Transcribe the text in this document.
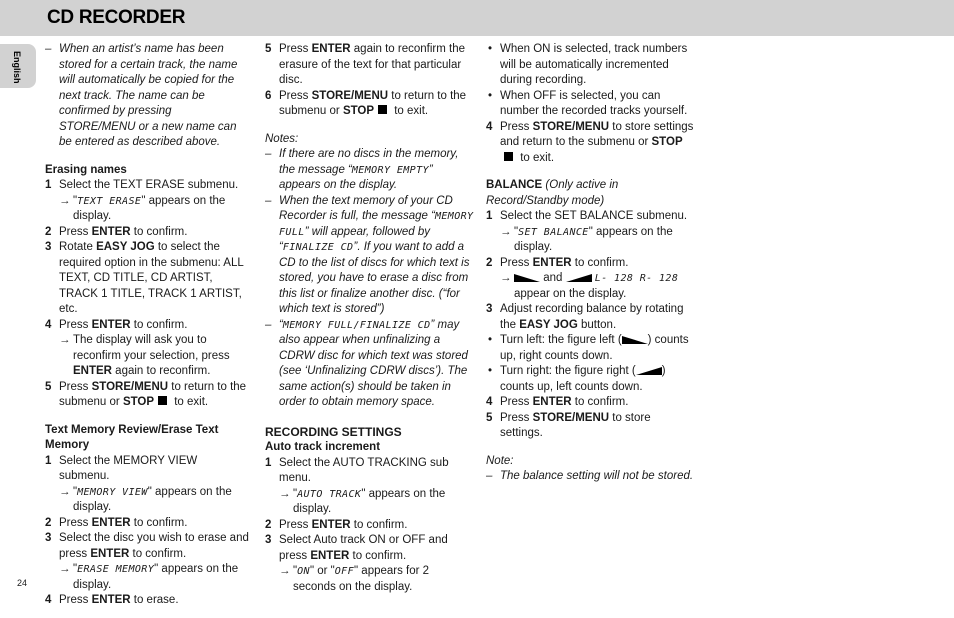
CD RECORDER
English

– When an artist’s name has been stored for a certain track, the name will automatically be copied for the next track. The name can be confirmed by pressing STORE/MENU or a new name can be entered as described above.

Erasing names

1 Select the TEXT ERASE submenu.

→ "TEXT ERASE" appears on the display.

2 Press ENTER to confirm.

3 Rotate EASY JOG to select the required option in the submenu: ALL TEXT, CD TITLE, CD ARTIST, TRACK 1 TITLE, TRACK 1 ARTIST, etc.

4 Press ENTER to confirm.

→ The display will ask you to reconfirm your selection, press ENTER again to reconfirm.

5 Press STORE/MENU to return to the submenu or STOP to exit.

Text Memory Review/Erase Text Memory

1 Select the MEMORY VIEW submenu.

→ "MEMORY VIEW" appears on the display.

2 Press ENTER to confirm.

3 Select the disc you wish to erase and press ENTER to confirm.

→ "ERASE MEMORY" appears on the display.

4 Press ENTER to erase.

5 Press ENTER again to reconfirm the erasure of the text for that particular disc.

6 Press STORE/MENU to return to the submenu or STOP to exit.

Notes:

– If there are no discs in the memory, the message “MEMORY EMPTY” appears on the display.

– When the text memory of your CD Recorder is full, the message “MEMORY FULL” will appear, followed by “FINALIZE CD”. If you want to add a CD to the list of discs for which text is stored, you have to erase a disc from this list or finalize another disc. (“for which text is stored”)

– “MEMORY FULL/FINALIZE CD” may also appear when unfinalizing a CDRW disc for which text was stored (see ‘Unfinalizing CDRW discs’). The same action(s) should be taken in order to obtain memory space.

RECORDING SETTINGS

Auto track increment

1 Select the AUTO TRACKING sub menu.

→ "AUTO TRACK" appears on the display.

2 Press ENTER to confirm.

3 Select Auto track ON or OFF and press ENTER to confirm.

→ "ON" or "OFF" appears for 2 seconds on the display.

• When ON is selected, track numbers will be automatically incremented during recording.

• When OFF is selected, you can number the recorded tracks yourself.

4 Press STORE/MENU to store settings and return to the submenu or STOP to exit.

BALANCE (Only active in Record/Standby mode)

1 Select the SET BALANCE submenu.

→ "SET BALANCE" appears on the display.

2 Press ENTER to confirm.

→ and	L- 128 R- 128
appear on the display.

3 Adjust recording balance by rotating the EASY JOG button.

• Turn left: the figure left ( ) counts up, right counts down.

• Turn right: the figure right ( ) counts up, left counts down.

4 Press ENTER to confirm.

5 Press STORE/MENU to store settings.

Note:

– The balance setting will not be stored.

24
